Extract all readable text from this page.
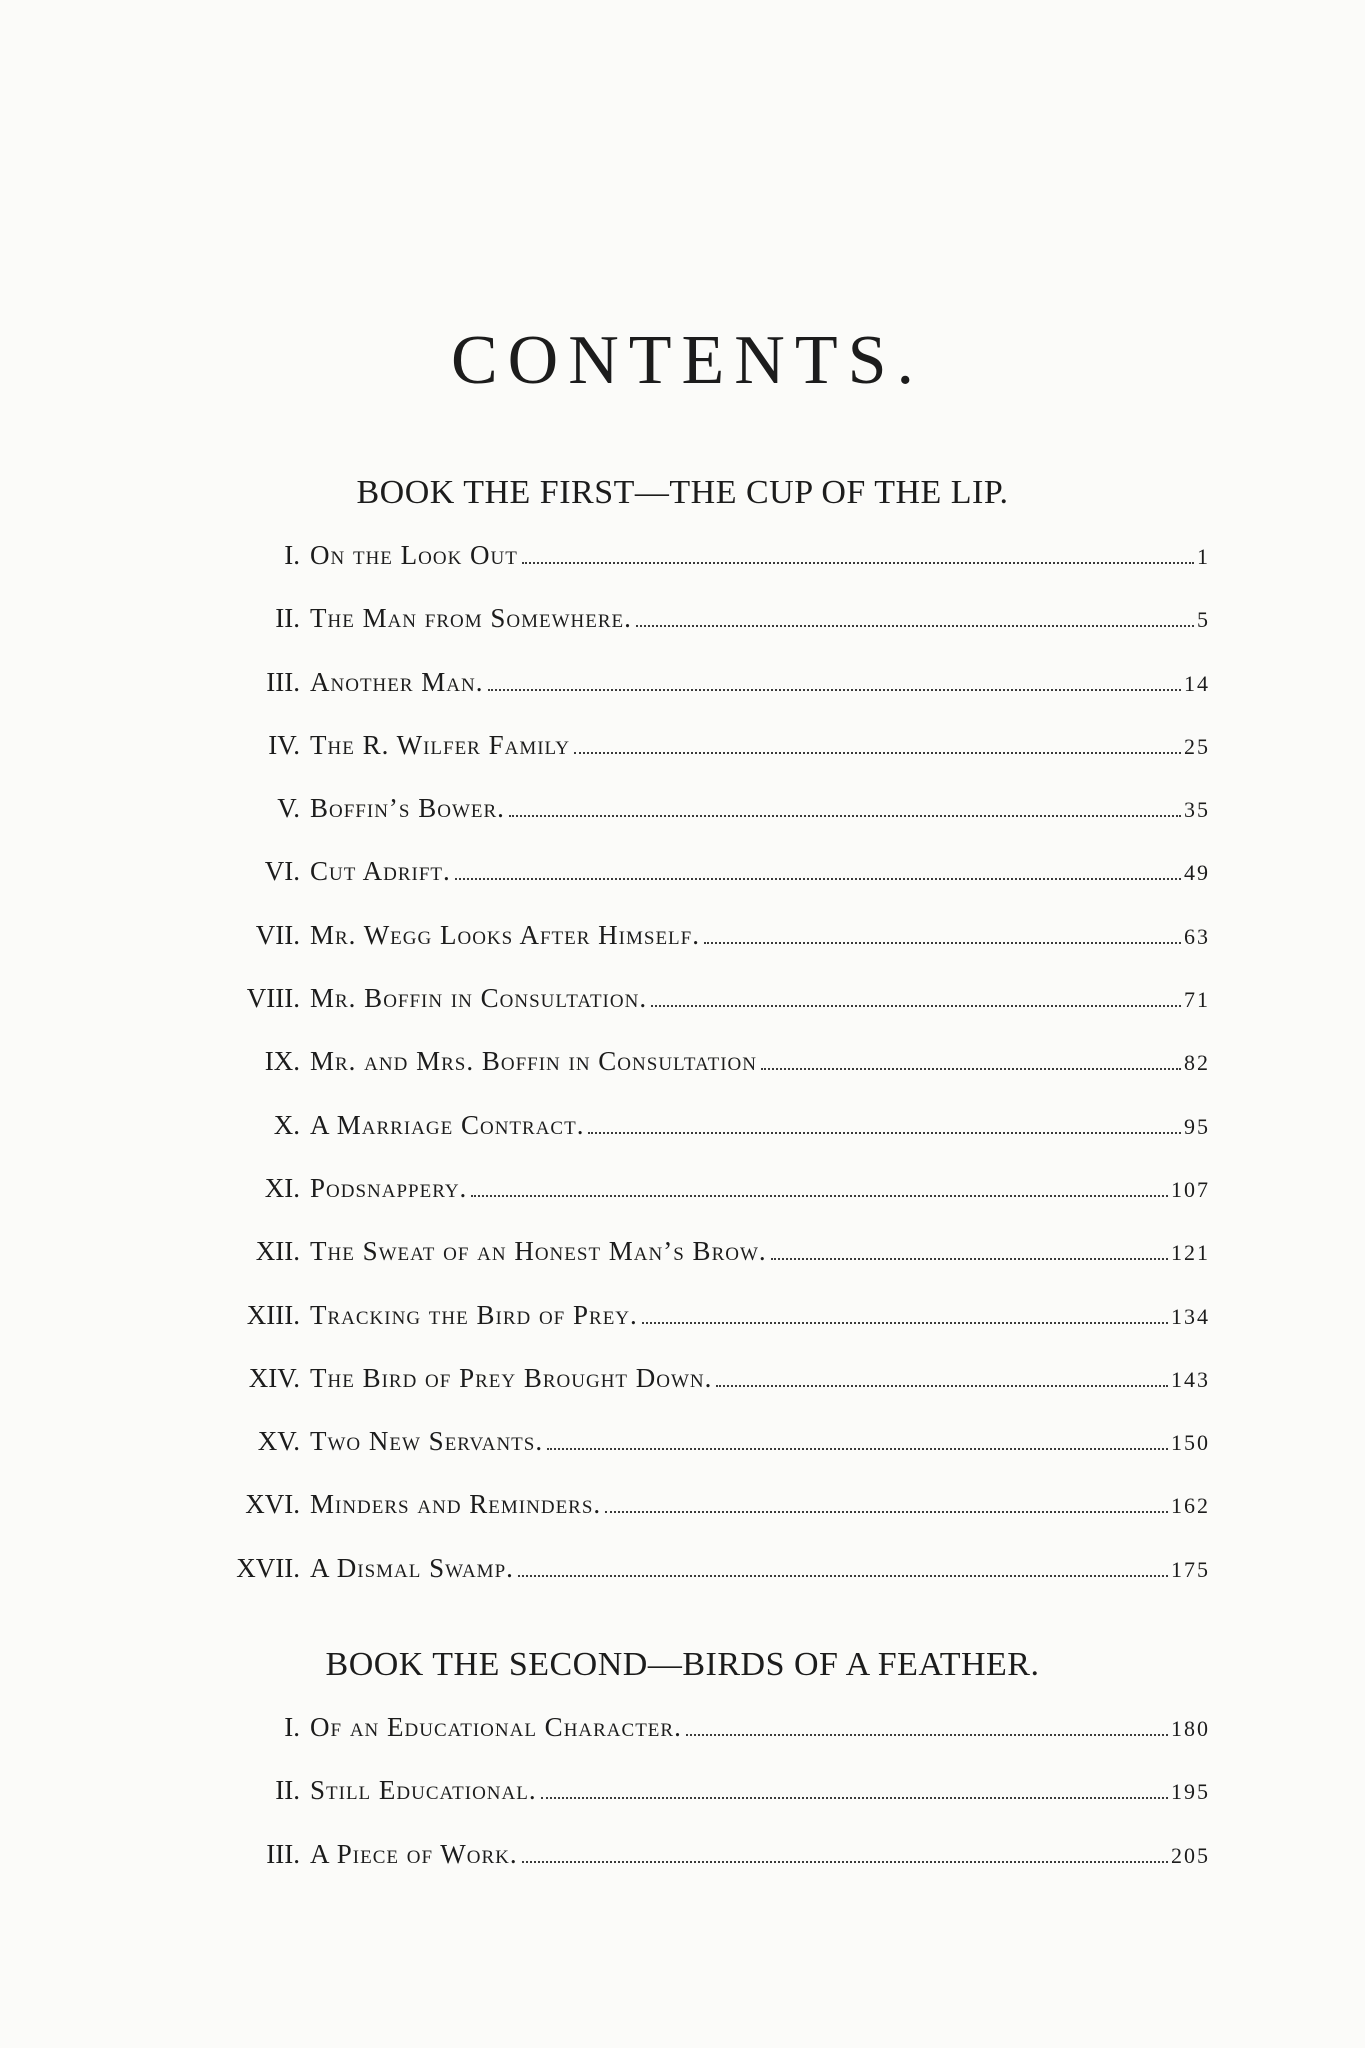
CONTENTS.
BOOK THE FIRST—THE CUP OF THE LIP.
I. On the Look Out	1
II. The Man from Somewhere.	5
III. Another Man.	14
IV. The R. Wilfer Family	25
V. Boffin’s Bower.	35
VI. Cut Adrift.	49
VII. Mr. Wegg Looks After Himself.	63
VIII. Mr. Boffin in Consultation.	71
IX. Mr. and Mrs. Boffin in Consultation	82
X. A Marriage Contract.	95
XI. Podsnappery.	107
XII. The Sweat of an Honest Man’s Brow.	121
XIII. Tracking the Bird of Prey.	134
XIV. The Bird of Prey Brought Down.	143
XV. Two New Servants.	150
XVI. Minders and Reminders.	162
XVII. A Dismal Swamp.	175
BOOK THE SECOND—BIRDS OF A FEATHER.
I. Of an Educational Character.	180
II. Still Educational.	195
III. A Piece of Work.	205
